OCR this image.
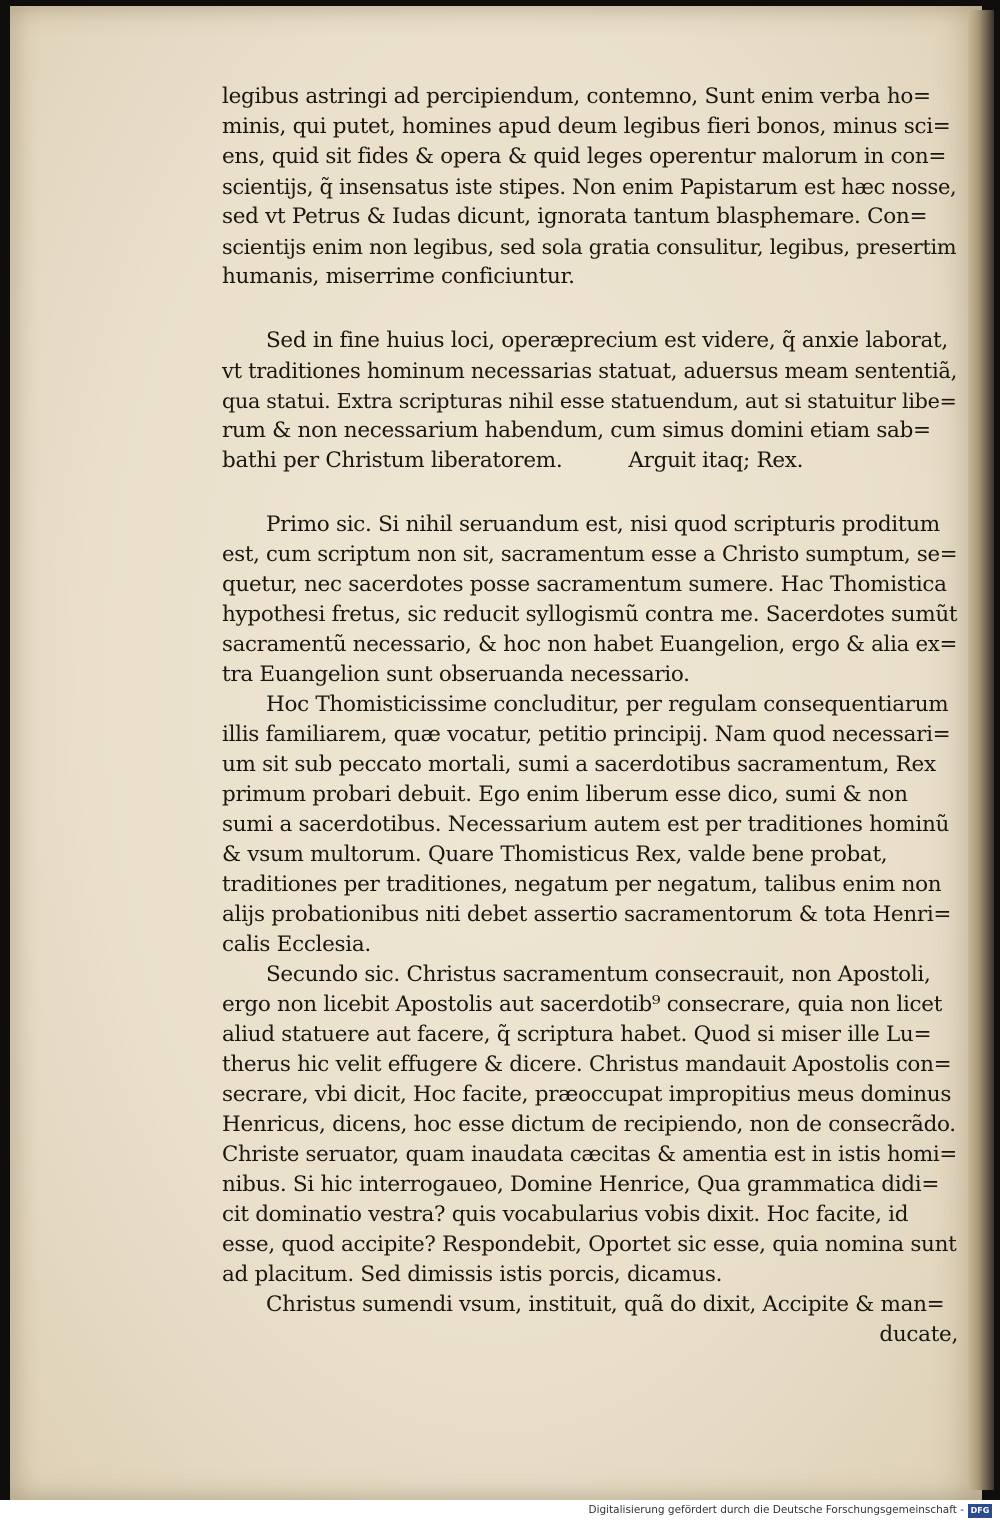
legibus astringi ad percipiendum, contemno, Sunt enim verba ho=
minis, qui putet, homines apud deum legibus fieri bonos, minus sci=
ens, quid sit fides & opera & quid leges operentur malorum in con=
scientijs, q̃ insensatus iste stipes. Non enim Papistarum est hæc nosse,
sed vt Petrus & Iudas dicunt, ignorata tantum blasphemare. Con=
scientijs enim non legibus, sed sola gratia consulitur, legibus, presertim
humanis, miserrime conficiuntur.
Sed in fine huius loci, operæprecium est videre, q̃ anxie laborat,
vt traditiones hominum necessarias statuat, aduersus meam sententiã,
qua statui. Extra scripturas nihil esse statuendum, aut si statuitur libe=
rum & non necessarium habendum, cum simus domini etiam sab=
bathi per Christum liberatorem.	Arguit itaq; Rex.
Primo sic. Si nihil seruandum est, nisi quod scripturis proditum
est, cum scriptum non sit, sacramentum esse a Christo sumptum, se=
quetur, nec sacerdotes posse sacramentum sumere. Hac Thomistica
hypothesi fretus, sic reducit syllogismũ contra me. Sacerdotes sumũt
sacramentũ necessario, & hoc non habet Euangelion, ergo & alia ex=
tra Euangelion sunt obseruanda necessario.
Hoc Thomisticissime concluditur, per regulam consequentiarum
illis familiarem, quæ vocatur, petitio principij. Nam quod necessari=
um sit sub peccato mortali, sumi a sacerdotibus sacramentum, Rex
primum probari debuit. Ego enim liberum esse dico, sumi & non
sumi a sacerdotibus. Necessarium autem est per traditiones hominũ
& vsum multorum. Quare Thomisticus Rex, valde bene probat,
traditiones per traditiones, negatum per negatum, talibus enim non
alijs probationibus niti debet assertio sacramentorum & tota Henri=
calis Ecclesia.
Secundo sic. Christus sacramentum consecrauit, non Apostoli,
ergo non licebit Apostolis aut sacerdotib⁹ consecrare, quia non licet
aliud statuere aut facere, q̃ scriptura habet. Quod si miser ille Lu=
therus hic velit effugere & dicere. Christus mandauit Apostolis con=
secrare, vbi dicit, Hoc facite, præoccupat impropitius meus dominus
Henricus, dicens, hoc esse dictum de recipiendo, non de consecrãdo.
Christe seruator, quam inaudata cæcitas & amentia est in istis homi=
nibus. Si hic interrogaueo, Domine Henrice, Qua grammatica didi=
cit dominatio vestra? quis vocabularius vobis dixit. Hoc facite, id
esse, quod accipite? Respondebit, Oportet sic esse, quia nomina sunt
ad placitum. Sed dimissis istis porcis, dicamus.
Christus sumendi vsum, instituit, quã do dixit, Accipite & man=
ducate,
Digitalisierung gefördert durch die Deutsche Forschungsgemeinschaft - DFG
